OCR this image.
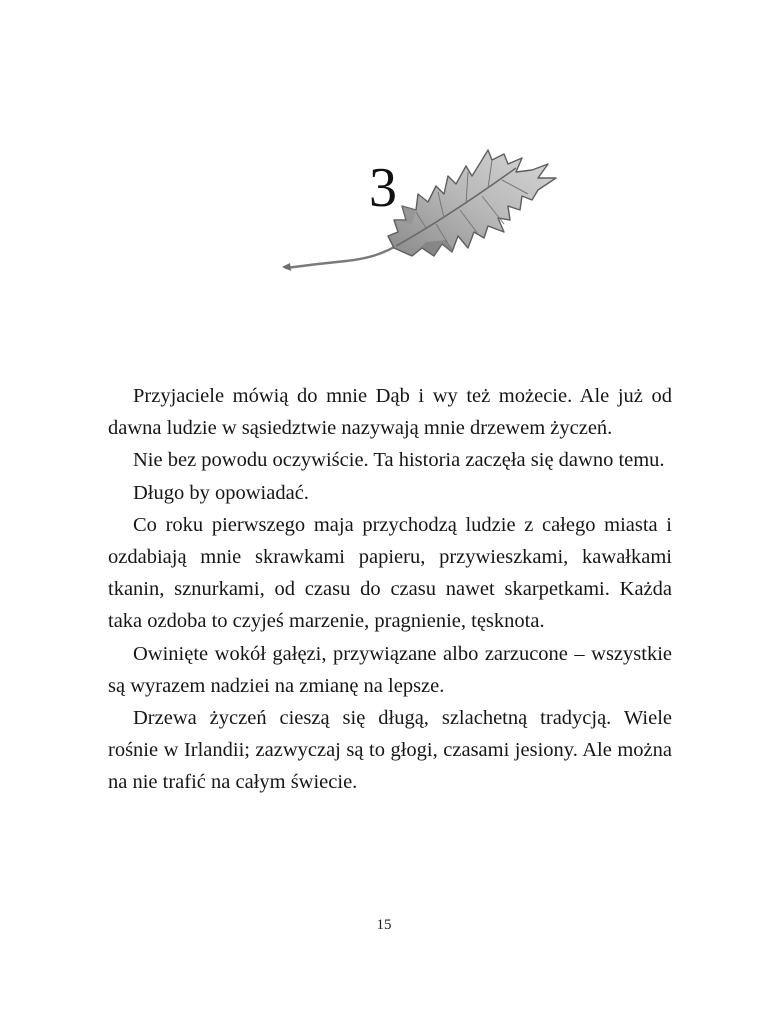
3

Przyjaciele mówią do mnie Dąb i wy też możecie. Ale już od dawna ludzie w sąsiedztwie nazywają mnie drzewem życzeń.

Nie bez powodu oczywiście. Ta historia zaczęła się dawno temu.

Długo by opowiadać.

Co roku pierwszego maja przychodzą ludzie z całego miasta i ozdabiają mnie skrawkami papieru, przywieszkami, kawałkami tkanin, sznurkami, od czasu do czasu nawet skarpetkami. Każda taka ozdoba to czyjeś marzenie, pragnienie, tęsknota.

Owinięte wokół gałęzi, przywiązane albo zarzucone – wszystkie są wyrazem nadziei na zmianę na lepsze.

Drzewa życzeń cieszą się długą, szlachetną tradycją. Wiele rośnie w Irlandii; zazwyczaj są to głogi, czasami jesiony. Ale można na nie trafić na całym świecie.

15
